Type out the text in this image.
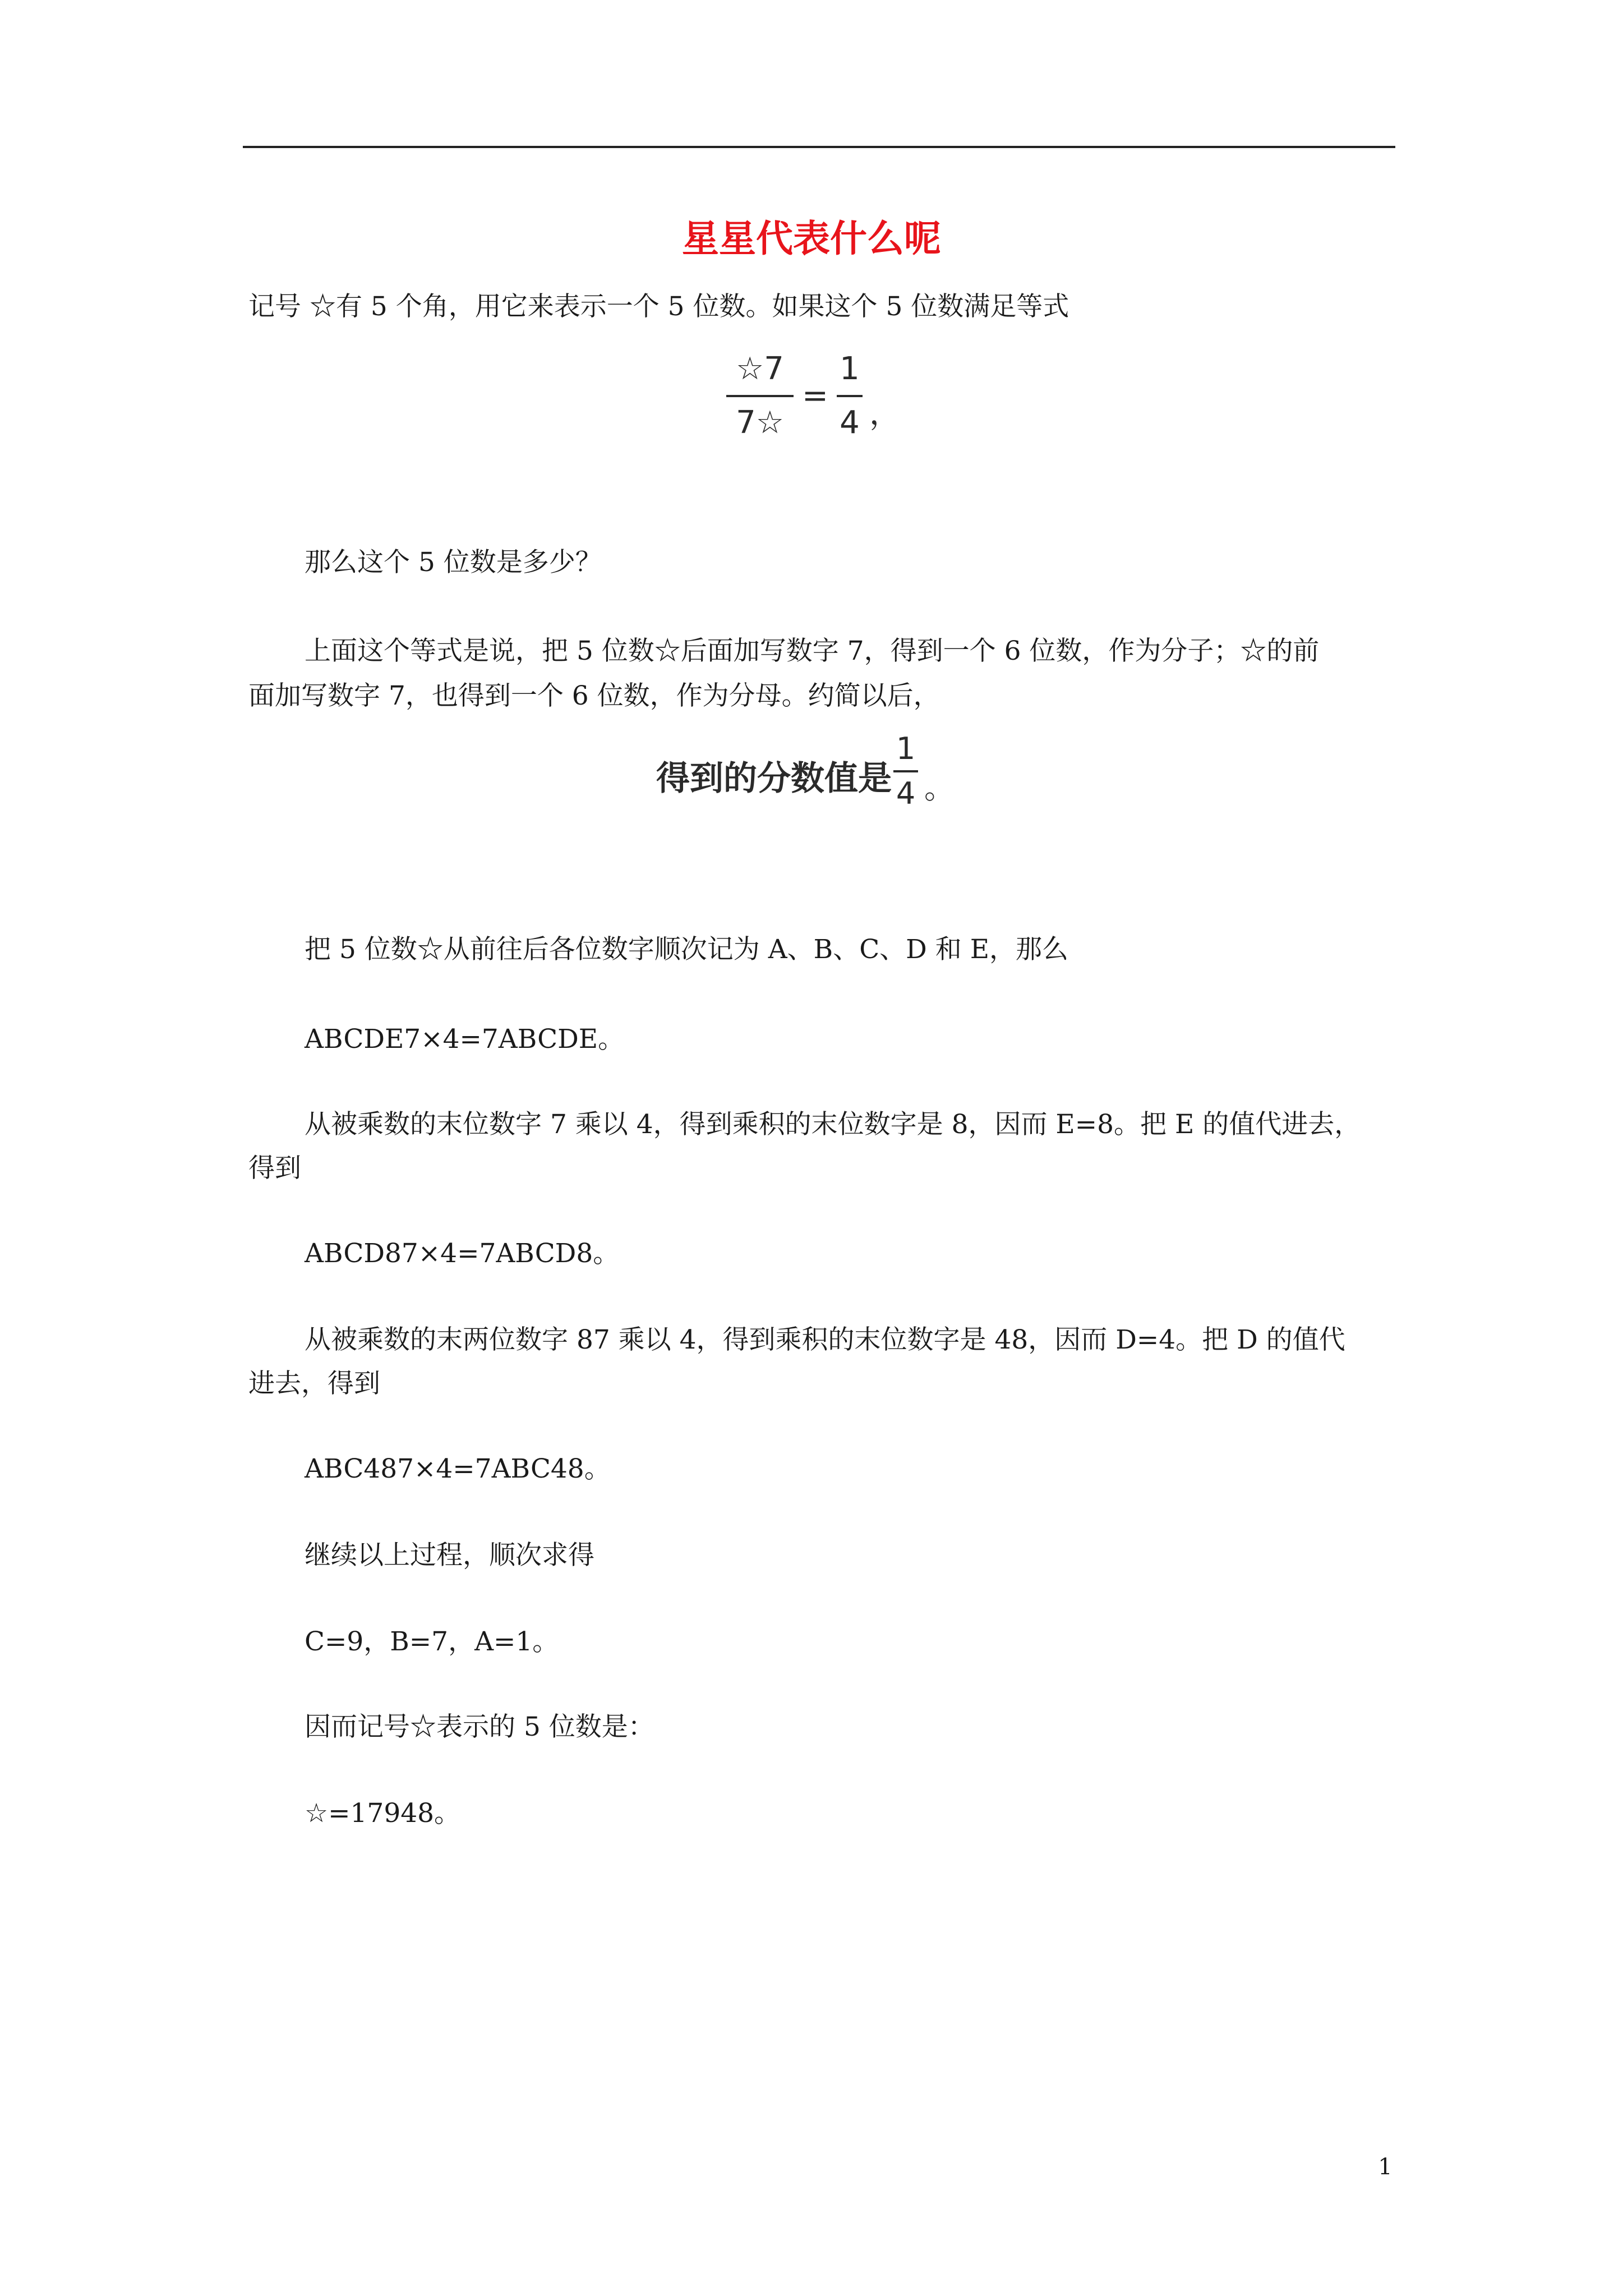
星星代表什么呢
记号 ☆有 5 个角，用它来表示一个 5 位数。如果这个 5 位数满足等式
☆7
7☆
=
1
4 ，
那么这个 5 位数是多少？
上面这个等式是说，把 5 位数☆后面加写数字 7，得到一个 6 位数，作为分子；☆的前
面加写数字 7，也得到一个 6 位数，作为分母。约简以后，
得到的分数值是
1
4 。
把 5 位数☆从前往后各位数字顺次记为 A、B、C、D 和 E，那么
ABCDE7×4=7ABCDE。
从被乘数的末位数字 7 乘以 4，得到乘积的末位数字是 8，因而 E=8。把 E 的值代进去，
得到
ABCD87×4=7ABCD8。
从被乘数的末两位数字 87 乘以 4，得到乘积的末位数字是 48，因而 D=4。把 D 的值代
进去，得到
ABC487×4=7ABC48。
继续以上过程，顺次求得
C=9，B=7，A=1。
因而记号☆表示的 5 位数是：
☆=17948。
1
